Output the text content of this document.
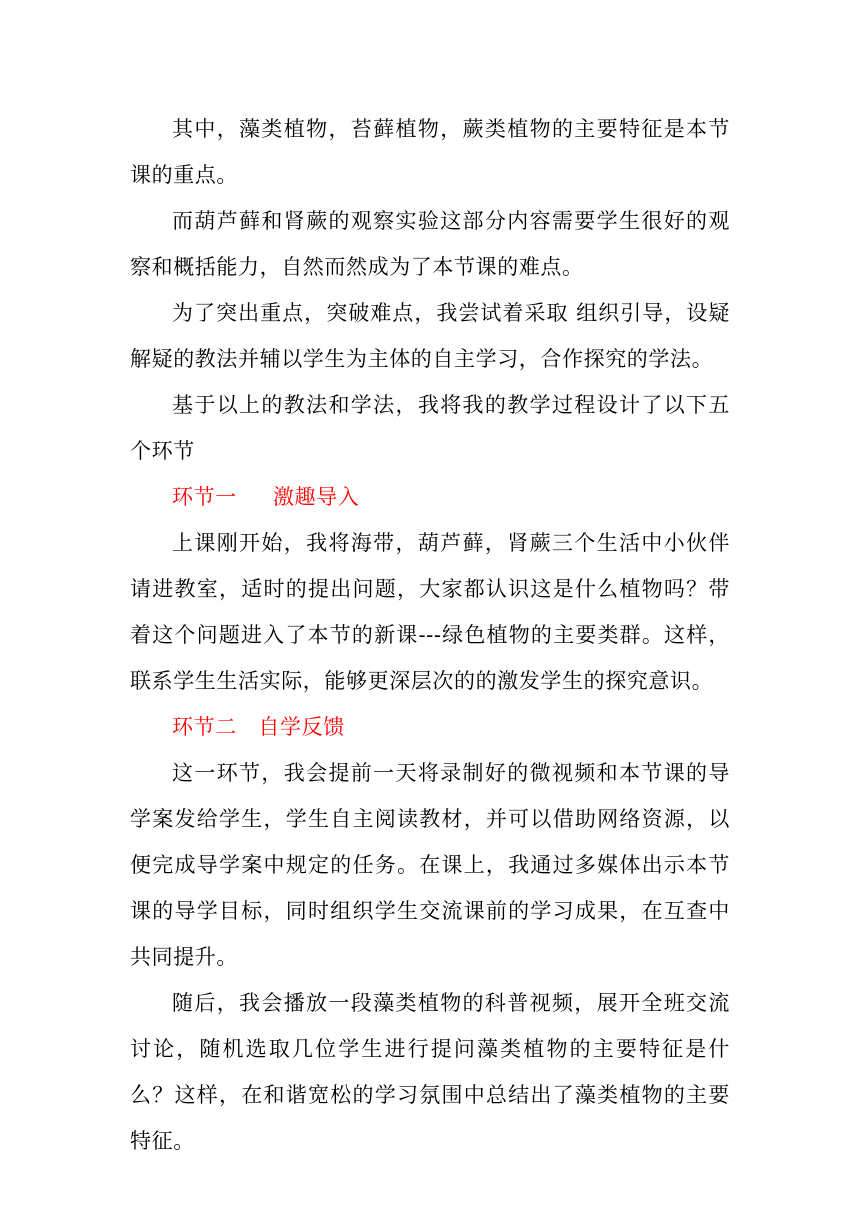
其中，藻类植物，苔藓植物，蕨类植物的主要特征是本节课的重点。

而葫芦藓和肾蕨的观察实验这部分内容需要学生很好的观察和概括能力，自然而然成为了本节课的难点。

为了突出重点，突破难点，我尝试着采取 组织引导，设疑解疑的教法并辅以学生为主体的自主学习，合作探究的学法。

基于以上的教法和学法，我将我的教学过程设计了以下五个环节

环节一　  激趣导入

上课刚开始，我将海带，葫芦藓，肾蕨三个生活中小伙伴请进教室，适时的提出问题，大家都认识这是什么植物吗？带着这个问题进入了本节的新课---绿色植物的主要类群。这样，联系学生生活实际，能够更深层次的的激发学生的探究意识。

环节二　自学反馈

这一环节，我会提前一天将录制好的微视频和本节课的导学案发给学生，学生自主阅读教材，并可以借助网络资源，以便完成导学案中规定的任务。在课上，我通过多媒体出示本节课的导学目标，同时组织学生交流课前的学习成果，在互查中共同提升。

随后，我会播放一段藻类植物的科普视频，展开全班交流讨论，随机选取几位学生进行提问藻类植物的主要特征是什么？这样，在和谐宽松的学习氛围中总结出了藻类植物的主要特征。
